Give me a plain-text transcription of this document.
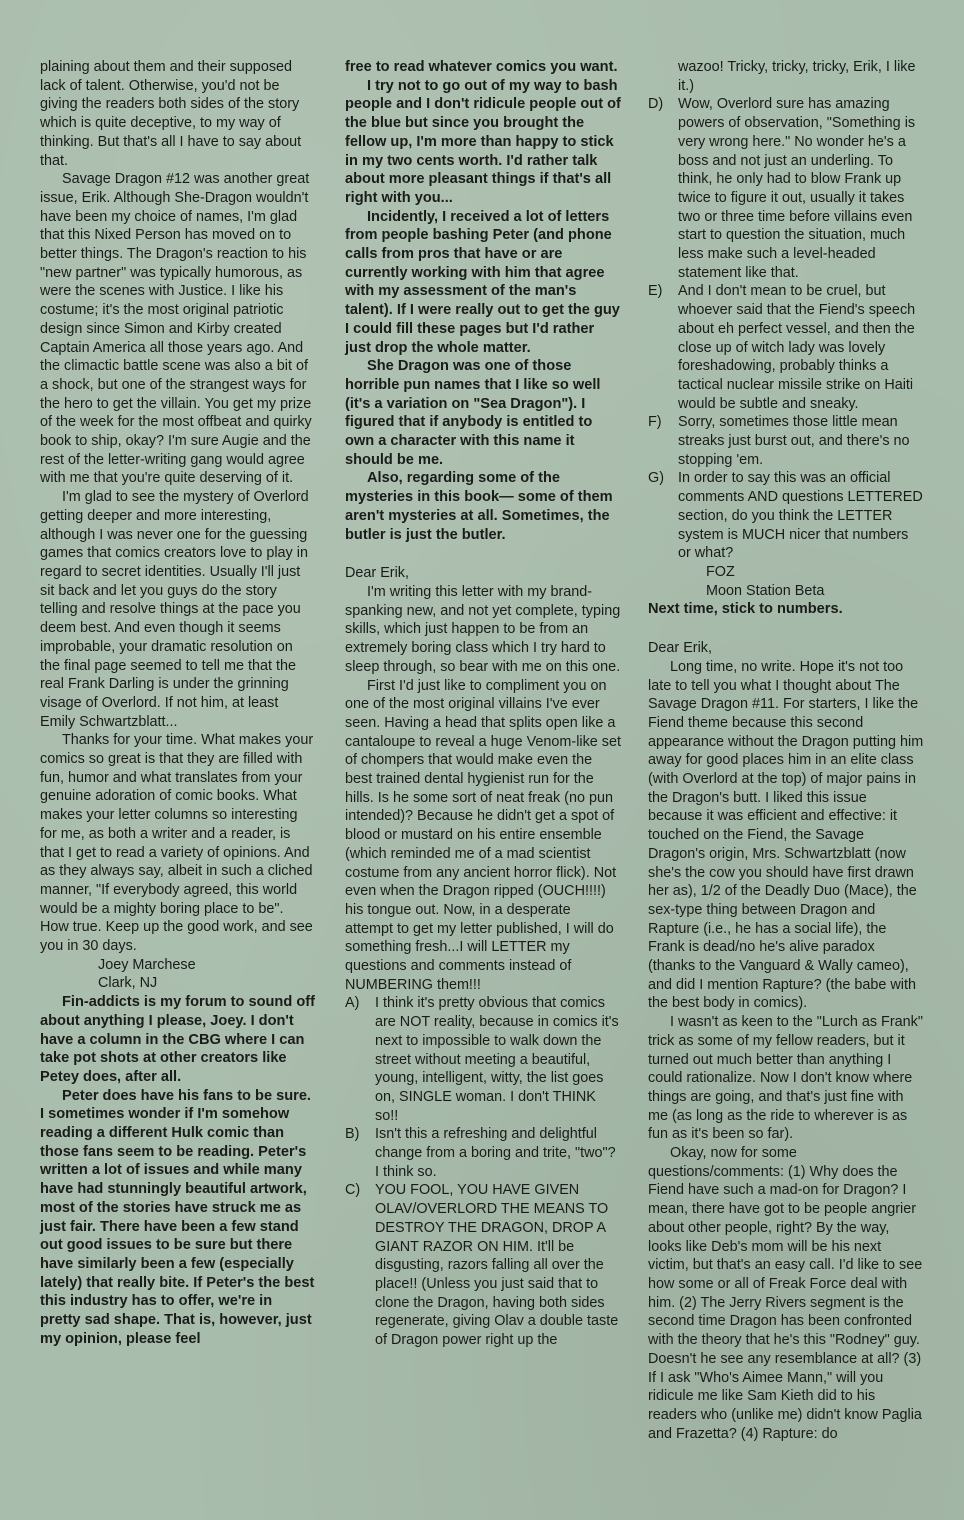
plaining about them and their supposed lack of talent. Otherwise, you'd not be giving the readers both sides of the story which is quite deceptive, to my way of thinking. But that's all I have to say about that.

Savage Dragon #12 was another great issue, Erik. Although She-Dragon wouldn't have been my choice of names, I'm glad that this Nixed Person has moved on to better things. The Dragon's reaction to his "new partner" was typically humorous, as were the scenes with Justice. I like his costume; it's the most original patriotic design since Simon and Kirby created Captain America all those years ago. And the climactic battle scene was also a bit of a shock, but one of the strangest ways for the hero to get the villain. You get my prize of the week for the most offbeat and quirky book to ship, okay? I'm sure Augie and the rest of the letter-writing gang would agree with me that you're quite deserving of it.

I'm glad to see the mystery of Overlord getting deeper and more interesting, although I was never one for the guessing games that comics creators love to play in regard to secret identities. Usually I'll just sit back and let you guys do the story telling and resolve things at the pace you deem best. And even though it seems improbable, your dramatic resolution on the final page seemed to tell me that the real Frank Darling is under the grinning visage of Overlord. If not him, at least Emily Schwartzblatt...

Thanks for your time. What makes your comics so great is that they are filled with fun, humor and what translates from your genuine adoration of comic books. What makes your letter columns so interesting for me, as both a writer and a reader, is that I get to read a variety of opinions. And as they always say, albeit in such a cliched manner, "If everybody agreed, this world would be a mighty boring place to be". How true. Keep up the good work, and see you in 30 days.

Joey Marchese

Clark, NJ

Fin-addicts is my forum to sound off about anything I please, Joey. I don't have a column in the CBG where I can take pot shots at other creators like Petey does, after all.

Peter does have his fans to be sure. I sometimes wonder if I'm somehow reading a different Hulk comic than those fans seem to be reading. Peter's written a lot of issues and while many have had stunningly beautiful artwork, most of the stories have struck me as just fair. There have been a few stand out good issues to be sure but there have similarly been a few (especially lately) that really bite. If Peter's the best this industry has to offer, we're in pretty sad shape. That is, however, just my opinion, please feel

free to read whatever comics you want.

I try not to go out of my way to bash people and I don't ridicule people out of the blue but since you brought the fellow up, I'm more than happy to stick in my two cents worth. I'd rather talk about more pleasant things if that's all right with you...

Incidently, I received a lot of letters from people bashing Peter (and phone calls from pros that have or are currently working with him that agree with my assessment of the man's talent). If I were really out to get the guy I could fill these pages but I'd rather just drop the whole matter.

She Dragon was one of those horrible pun names that I like so well (it's a variation on "Sea Dragon"). I figured that if anybody is entitled to own a character with this name it should be me.

Also, regarding some of the mysteries in this book— some of them aren't mysteries at all. Sometimes, the butler is just the butler.

Dear Erik,

I'm writing this letter with my brand-spanking new, and not yet complete, typing skills, which just happen to be from an extremely boring class which I try hard to sleep through, so bear with me on this one.

First I'd just like to compliment you on one of the most original villains I've ever seen. Having a head that splits open like a cantaloupe to reveal a huge Venom-like set of chompers that would make even the best trained dental hygienist run for the hills. Is he some sort of neat freak (no pun intended)? Because he didn't get a spot of blood or mustard on his entire ensemble (which reminded me of a mad scientist costume from any ancient horror flick). Not even when the Dragon ripped (OUCH!!!!) his tongue out. Now, in a desperate attempt to get my letter published, I will do something fresh...I will LETTER my questions and comments instead of NUMBERING them!!!

A) I think it's pretty obvious that comics are NOT reality, because in comics it's next to impossible to walk down the street without meeting a beautiful, young, intelligent, witty, the list goes on, SINGLE woman. I don't THINK so!!
B) Isn't this a refreshing and delightful change from a boring and trite, "two"? I think so.
C) YOU FOOL, YOU HAVE GIVEN OLAV/OVERLORD THE MEANS TO DESTROY THE DRAGON, DROP A GIANT RAZOR ON HIM. It'll be disgusting, razors falling all over the place!! (Unless you just said that to clone the Dragon, having both sides regenerate, giving Olav a double taste of Dragon power right up the

wazoo! Tricky, tricky, tricky, Erik, I like it.)

D) Wow, Overlord sure has amazing powers of observation, "Something is very wrong here." No wonder he's a boss and not just an underling. To think, he only had to blow Frank up twice to figure it out, usually it takes two or three time before villains even start to question the situation, much less make such a level-headed statement like that.
E) And I don't mean to be cruel, but whoever said that the Fiend's speech about eh perfect vessel, and then the close up of witch lady was lovely foreshadowing, probably thinks a tactical nuclear missile strike on Haiti would be subtle and sneaky.
F) Sorry, sometimes those little mean streaks just burst out, and there's no stopping 'em.
G) In order to say this was an official comments AND questions LETTERED section, do you think the LETTER system is MUCH nicer that numbers or what?

FOZ

Moon Station Beta

Next time, stick to numbers.

Dear Erik,

Long time, no write. Hope it's not too late to tell you what I thought about The Savage Dragon #11. For starters, I like the Fiend theme because this second appearance without the Dragon putting him away for good places him in an elite class (with Overlord at the top) of major pains in the Dragon's butt. I liked this issue because it was efficient and effective: it touched on the Fiend, the Savage Dragon's origin, Mrs. Schwartzblatt (now she's the cow you should have first drawn her as), 1/2 of the Deadly Duo (Mace), the sex-type thing between Dragon and Rapture (i.e., he has a social life), the Frank is dead/no he's alive paradox (thanks to the Vanguard & Wally cameo), and did I mention Rapture? (the babe with the best body in comics).

I wasn't as keen to the "Lurch as Frank" trick as some of my fellow readers, but it turned out much better than anything I could rationalize. Now I don't know where things are going, and that's just fine with me (as long as the ride to wherever is as fun as it's been so far).

Okay, now for some questions/comments: (1) Why does the Fiend have such a mad-on for Dragon? I mean, there have got to be people angrier about other people, right? By the way, looks like Deb's mom will be his next victim, but that's an easy call. I'd like to see how some or all of Freak Force deal with him. (2) The Jerry Rivers segment is the second time Dragon has been confronted with the theory that he's this "Rodney" guy. Doesn't he see any resemblance at all? (3) If I ask "Who's Aimee Mann," will you ridicule me like Sam Kieth did to his readers who (unlike me) didn't know Paglia and Frazetta? (4) Rapture: do
